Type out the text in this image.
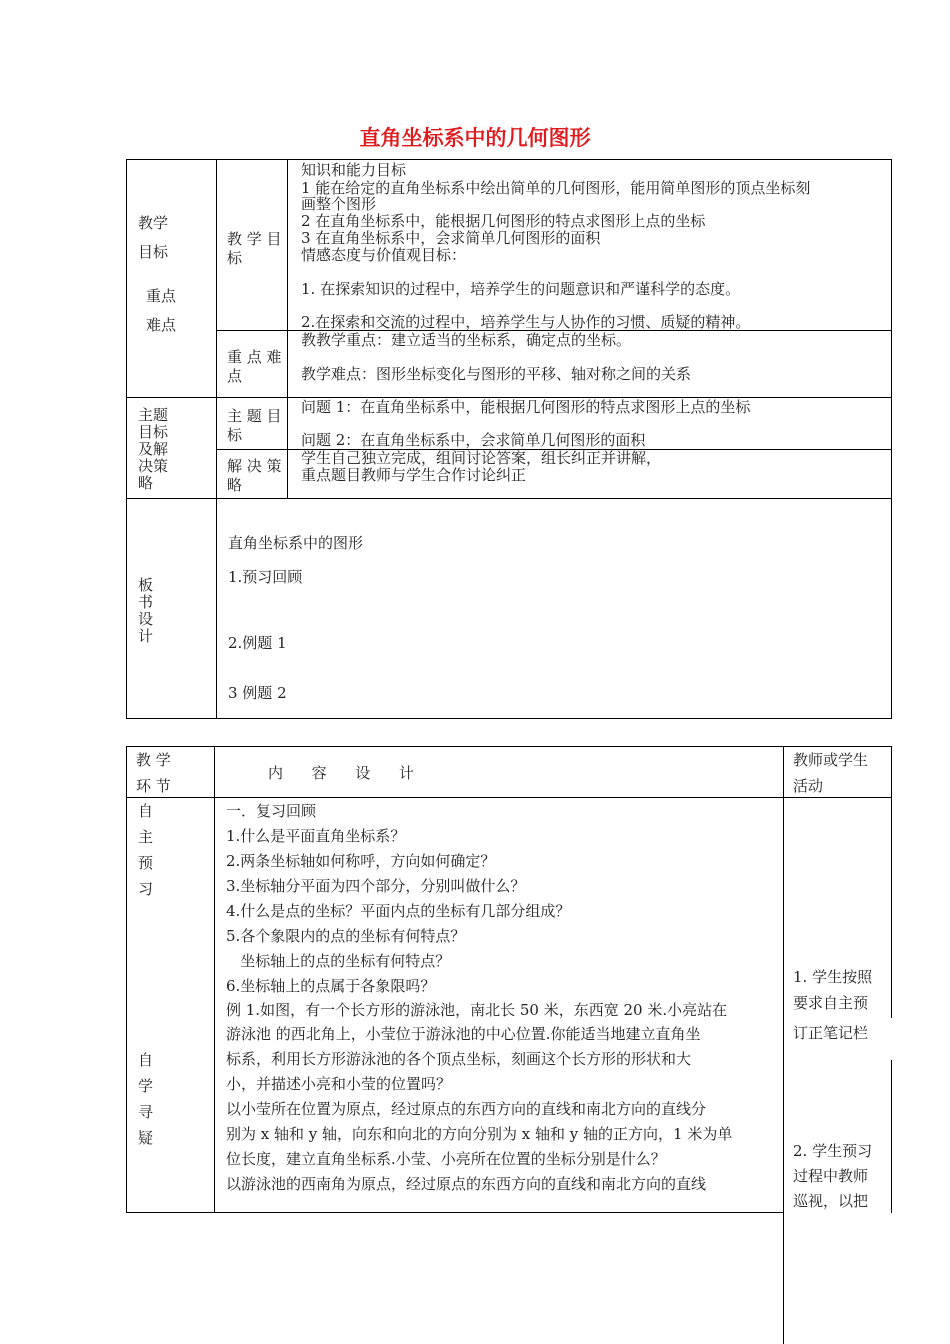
直角坐标系中的几何图形
教学
目标
重点
难点
教 学 目 标
知识和能力目标
1 能在给定的直角坐标系中绘出简单的几何图形，能用简单图形的顶点坐标刻
画整个图形
2 在直角坐标系中，能根据几何图形的特点求图形上点的坐标
3 在直角坐标系中，会求简单几何图形的面积
情感态度与价值观目标：
1. 在探索知识的过程中，培养学生的问题意识和严谨科学的态度。
2.在探索和交流的过程中，培养学生与人协作的习惯、质疑的精神。
重 点 难 点
教教学重点：建立适当的坐标系，确定点的坐标。
教学难点：图形坐标变化与图形的平移、轴对称之间的关系
主题
目标
及解
决策
略
主 题 目 标
问题 1：在直角坐标系中，能根据几何图形的特点求图形上点的坐标
问题 2：在直角坐标系中，会求简单几何图形的面积
解 决 策 略
学生自己独立完成，组间讨论答案，组长纠正并讲解，
重点题目教师与学生合作讨论纠正
板
书
设
计
直角坐标系中的图形
1.预习回顾
2.例题 1
3 例题 2
教 学
环 节
内      容      设      计
教师或学生
活动
自
主
预
习
自
学
寻
疑
一．复习回顾
1.什么是平面直角坐标系？
2.两条坐标轴如何称呼，方向如何确定？
3.坐标轴分平面为四个部分，分别叫做什么？
4.什么是点的坐标？平面内点的坐标有几部分组成？
5.各个象限内的点的坐标有何特点？
坐标轴上的点的坐标有何特点？
6.坐标轴上的点属于各象限吗？
例 1.如图，有一个长方形的游泳池，南北长 50 米，东西宽 20 米.小亮站在
游泳池 的西北角上，小莹位于游泳池的中心位置.你能适当地建立直角坐
标系，利用长方形游泳池的各个顶点坐标，刻画这个长方形的形状和大
小，并描述小亮和小莹的位置吗？
以小莹所在位置为原点，经过原点的东西方向的直线和南北方向的直线分
别为 x 轴和 y 轴，向东和向北的方向分别为 x 轴和 y 轴的正方向，1 米为单
位长度，建立直角坐标系.小莹、小亮所在位置的坐标分别是什么？
以游泳池的西南角为原点，经过原点的东西方向的直线和南北方向的直线
1. 学生按照
要求自主预
订正笔记栏
2. 学生预习
过程中教师
巡视，以把
